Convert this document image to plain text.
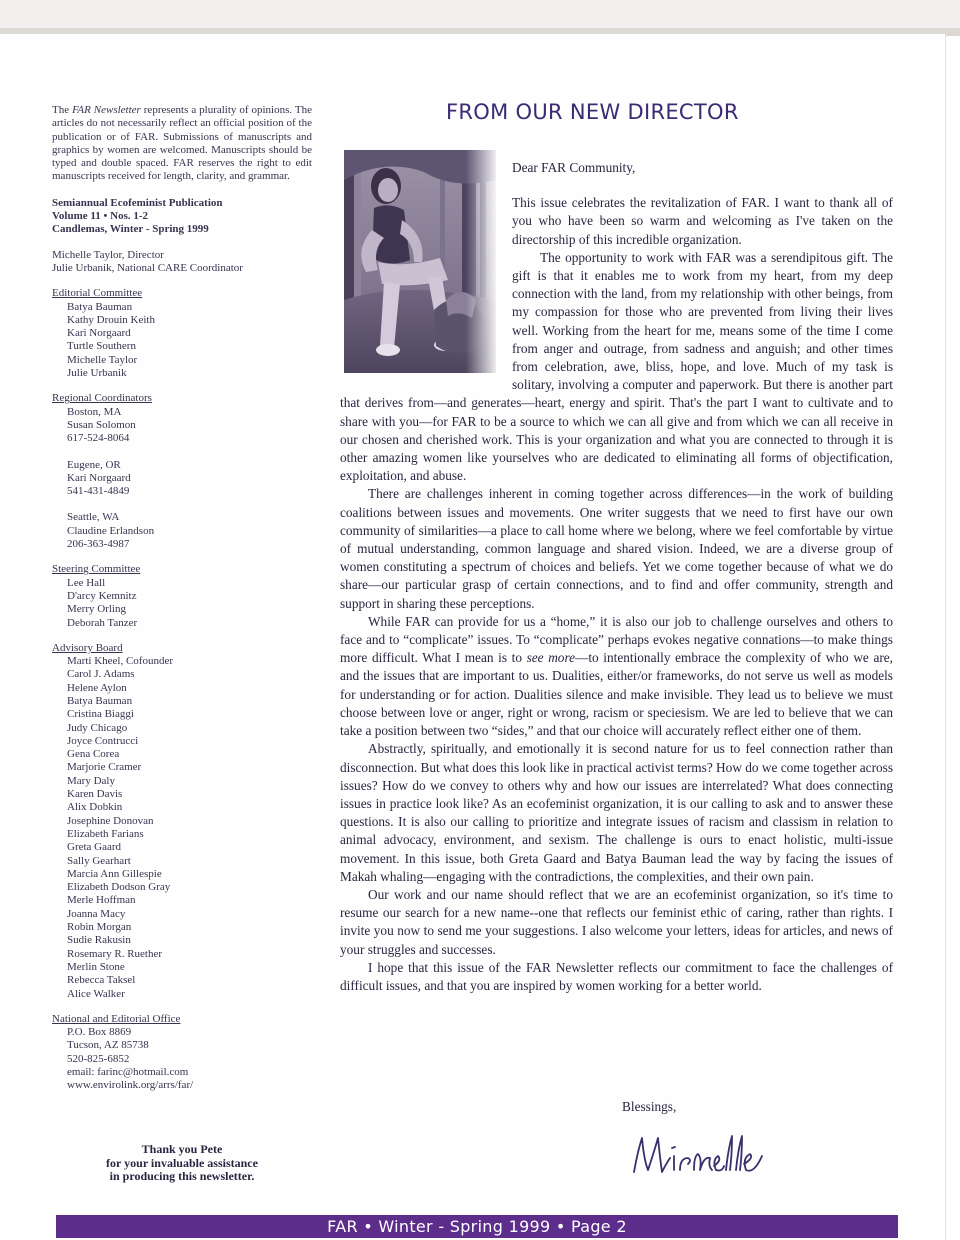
The FAR Newsletter represents a plurality of opinions. The articles do not necessarily reflect an official position of the publication or of FAR. Submissions of manuscripts and graphics by women are welcomed. Manuscripts should be typed and double spaced. FAR reserves the right to edit manuscripts received for length, clarity, and grammar.

Semiannual Ecofeminist Publication
Volume 11 • Nos. 1-2
Candlemas, Winter - Spring 1999

Michelle Taylor, Director
Julie Urbanik, National CARE Coordinator

Editorial Committee
Batya Bauman
Kathy Drouin Keith
Kari Norgaard
Turtle Southern
Michelle Taylor
Julie Urbanik
Regional Coordinators
Boston, MA
Susan Solomon
617-524-8064
Eugene, OR
Kari Norgaard
541-431-4849
Seattle, WA
Claudine Erlandson
206-363-4987
Steering Committee
Lee Hall
D'arcy Kemnitz
Merry Orling
Deborah Tanzer
Advisory Board
Marti Kheel, Cofounder
Carol J. Adams
Helene Aylon
Batya Bauman
Cristina Biaggi
Judy Chicago
Joyce Contrucci
Gena Corea
Marjorie Cramer
Mary Daly
Karen Davis
Alix Dobkin
Josephine Donovan
Elizabeth Farians
Greta Gaard
Sally Gearhart
Marcia Ann Gillespie
Elizabeth Dodson Gray
Merle Hoffman
Joanna Macy
Robin Morgan
Sudie Rakusin
Rosemary R. Ruether
Merlin Stone
Rebecca Taksel
Alice Walker
National and Editorial Office
P.O. Box 8869
Tucson, AZ 85738
520-825-6852
email: farinc@hotmail.com
www.envirolink.org/arrs/far/
Thank you Pete
for your invaluable assistance
in producing this newsletter.
FROM OUR NEW DIRECTOR

Dear FAR Community,

This issue celebrates the revitalization of FAR. I want to thank all of you who have been so warm and welcoming as I've taken on the directorship of this incredible organization.

The opportunity to work with FAR was a serendipitous gift. The gift is that it enables me to work from my heart, from my deep connection with the land, from my relationship with other beings, from my compassion for those who are prevented from living their lives well. Working from the heart for me, means some of the time I come from anger and outrage, from sadness and anguish; and other times from celebration, awe, bliss, hope, and love. Much of my task is solitary, involving a computer and paperwork. But there is another part that derives from—and generates—heart, energy and spirit. That's the part I want to cultivate and to share with you—for FAR to be a source to which we can all give and from which we can all receive in our chosen and cherished work. This is your organization and what you are connected to through it is other amazing women like yourselves who are dedicated to eliminating all forms of objectification, exploitation, and abuse.

There are challenges inherent in coming together across differences—in the work of building coalitions between issues and movements. One writer suggests that we need to first have our own community of similarities—a place to call home where we belong, where we feel comfortable by virtue of mutual understanding, common language and shared vision. Indeed, we are a diverse group of women constituting a spectrum of choices and beliefs. Yet we come together because of what we do share—our particular grasp of certain connections, and to find and offer community, strength and support in sharing these perceptions.

While FAR can provide for us a “home,” it is also our job to challenge ourselves and others to face and to “complicate” issues. To “complicate” perhaps evokes negative connations—to make things more difficult. What I mean is to see more—to intentionally embrace the complexity of who we are, and the issues that are important to us. Dualities, either/or frameworks, do not serve us well as models for understanding or for action. Dualities silence and make invisible. They lead us to believe we must choose between love or anger, right or wrong, racism or speciesism. We are led to believe that we can take a position between two “sides,” and that our choice will accurately reflect either one of them.

Abstractly, spiritually, and emotionally it is second nature for us to feel connection rather than disconnection. But what does this look like in practical activist terms? How do we come together across issues? How do we convey to others why and how our issues are interrelated? What does connecting issues in practice look like? As an ecofeminist organization, it is our calling to ask and to answer these questions. It is also our calling to prioritize and integrate issues of racism and classism in relation to animal advocacy, environment, and sexism. The challenge is ours to enact holistic, multi-issue movement. In this issue, both Greta Gaard and Batya Bauman lead the way by facing the issues of Makah whaling—engaging with the contradictions, the complexities, and their own pain.

Our work and our name should reflect that we are an ecofeminist organization, so it's time to resume our search for a new name--one that reflects our feminist ethic of caring, rather than rights. I invite you now to send me your suggestions. I also welcome your letters, ideas for articles, and news of your struggles and successes.

I hope that this issue of the FAR Newsletter reflects our commitment to face the challenges of difficult issues, and that you are inspired by women working for a better world.

Blessings,
FAR • Winter - Spring 1999 • Page 2
